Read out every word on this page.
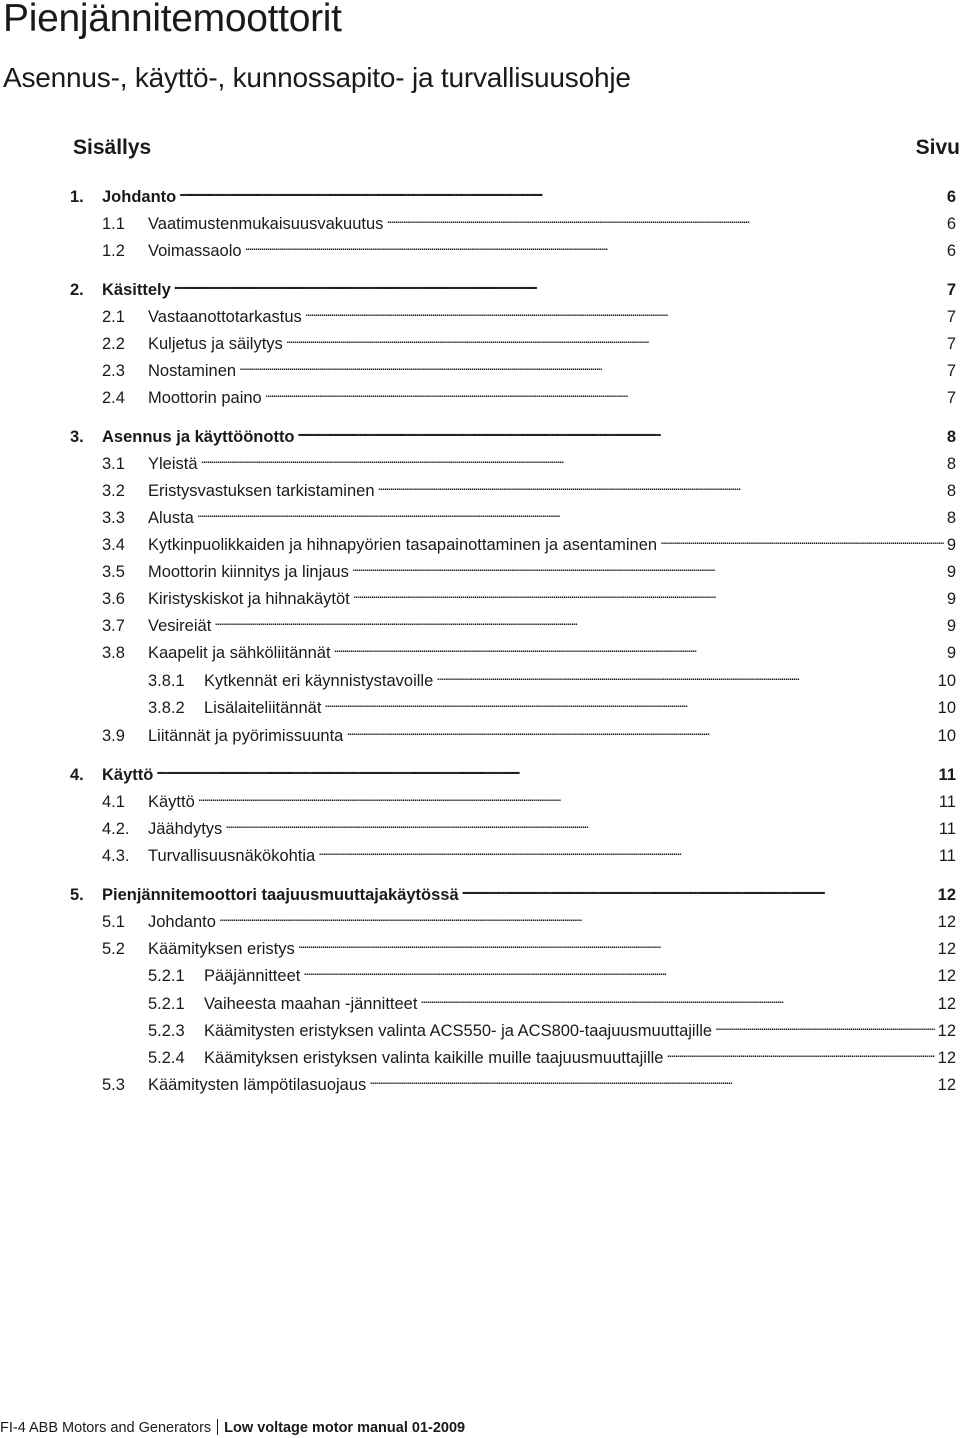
Pienjännitemoottorit
Asennus-, käyttö-, kunnossapito- ja turvallisuusohje
Sisällys	Sivu
1.	Johdanto . . .	6
1.1	Vaatimustenmukaisuusvakuutus . . .	6
1.2	Voimassaolo . . .	6
2.	Käsittely . . .	7
2.1	Vastaanottotarkastus . . .	7
2.2	Kuljetus ja säilytys . . .	7
2.3	Nostaminen . . .	7
2.4	Moottorin paino . . .	7
3.	Asennus ja käyttöönotto . . .	8
3.1	Yleistä . . .	8
3.2	Eristysvastuksen tarkistaminen . . .	8
3.3	Alusta . . .	8
3.4	Kytkinpuolikkaiden ja hihnapyörien tasapainottaminen ja asentaminen . . .	9
3.5	Moottorin kiinnitys ja linjaus . . .	9
3.6	Kiristyskiskot ja hihnakäytöt . . .	9
3.7	Vesireiät . . .	9
3.8	Kaapelit ja sähköliitännät . . .	9
3.8.1	Kytkennät eri käynnistystavoille . . .	10
3.8.2	Lisälaiteliitännät . . .	10
3.9	Liitännät ja pyörimissuunta . . .	10
4.	Käyttö . . .	11
4.1	Käyttö . . .	11
4.2.	Jäähdytys . . .	11
4.3.	Turvallisuusnäkökohtia . . .	11
5.	Pienjännitemoottori taajuusmuuttajakäytössä . . .	12
5.1	Johdanto . . .	12
5.2	Käämityksen eristys . . .	12
5.2.1	Pääjännitteet . . .	12
5.2.1	Vaiheesta maahan -jännitteet . . .	12
5.2.3	Käämitysten eristyksen valinta ACS550- ja ACS800-taajuusmuuttajille . . .	12
5.2.4	Käämityksen eristyksen valinta kaikille muille taajuusmuuttajille . . .	12
5.3	Käämitysten lämpötilasuojaus . . .	12
FI-4 ABB Motors and Generators Low voltage motor manual 01-2009
